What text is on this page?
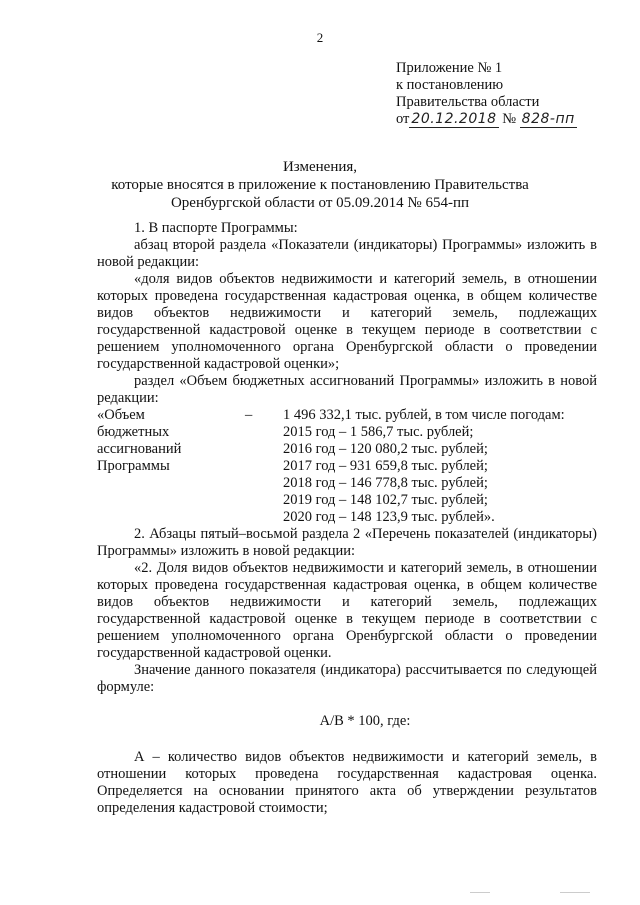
2
Приложение № 1
к постановлению
Правительства области
от 20.12.2018 № 828-пп
Изменения,
которые вносятся в приложение к постановлению Правительства
Оренбургской области от 05.09.2014 № 654-пп

1. В паспорте Программы:

абзац второй раздела «Показатели (индикаторы) Программы» изложить в новой редакции:

«доля видов объектов недвижимости и категорий земель, в отношении которых проведена государственная кадастровая оценка, в общем количестве видов объектов недвижимости и категорий земель, подлежащих государственной кадастровой оценке в текущем периоде в соответствии с решением уполномоченного органа Оренбургской области о проведении государственной кадастровой оценки»;

раздел «Объем бюджетных ассигнований Программы» изложить в новой редакции:

«Объем
бюджетных
ассигнований
Программы
	–	1 496 332,1 тыс. рублей, в том числе погодам:
2015 год – 1 586,7 тыс. рублей;
2016 год – 120 080,2 тыс. рублей;
2017 год – 931 659,8 тыс. рублей;
2018 год – 146 778,8 тыс. рублей;
2019 год – 148 102,7 тыс. рублей;
2020 год – 148 123,9 тыс. рублей».

2. Абзацы пятый–восьмой раздела 2 «Перечень показателей (индикаторы) Программы» изложить в новой редакции:

«2. Доля видов объектов недвижимости и категорий земель, в отношении которых проведена государственная кадастровая оценка, в общем количестве видов объектов недвижимости и категорий земель, подлежащих государственной кадастровой оценке в текущем периоде в соответствии с решением уполномоченного органа Оренбургской области о проведении государственной кадастровой оценки.

Значение данного показателя (индикатора) рассчитывается по следующей формуле:

А/В * 100, где:

А – количество видов объектов недвижимости и категорий земель, в отношении которых проведена государственная кадастровая оценка. Определяется на основании принятого акта об утверждении результатов определения кадастровой стоимости;
